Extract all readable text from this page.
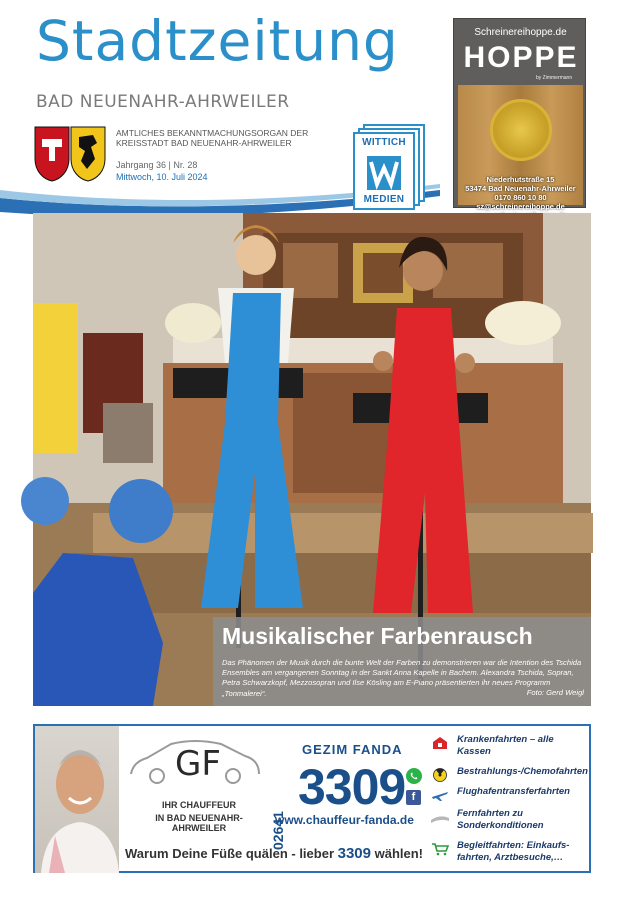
Stadtzeitung
BAD NEUENAHR-AHRWEILER
AMTLICHES BEKANNTMACHUNGSORGAN DER
KREISSTADT BAD NEUENAHR-AHRWEILER
Jahrgang 36 | Nr. 28
Mittwoch, 10. Juli 2024
WITTICH
MEDIEN
Schreinereihoppe.de
HOPPE
by Zimmermann
Niederhutstraße 15
53474 Bad Neuenahr-Ahrweiler
0170 860 10 80
sz@schreinereihoppe.de
Musikalischer Farbenrausch
Das Phänomen der Musik durch die bunte Welt der Farben zu demonstrieren war die Intention des Tschida Ensembles am vergangenen Sonntag in der Sankt Anna Kapelle in Bachem. Alexandra Tschida, Sopran, Petra Schwarzkopf, Mezzosopran und Ilse Kösling am E-Piano präsentierten ihr neues Programm „Tonmalerei“.	Foto: Gerd Weigl
GF
IHR CHAUFFEUR
IN BAD NEUENAHR-AHRWEILER
GEZIM FANDA
02641
3309 f
www.chauffeur-fanda.de
Warum Deine Füße quälen - lieber 3309 wählen!
Krankenfahrten – alle
Kassen
Bestrahlungs-/Chemofahrten
Flughafentransferfahrten
Fernfahrten zu
Sonderkonditionen
Begleitfahrten: Einkaufs-
fahrten, Arztbesuche,…
